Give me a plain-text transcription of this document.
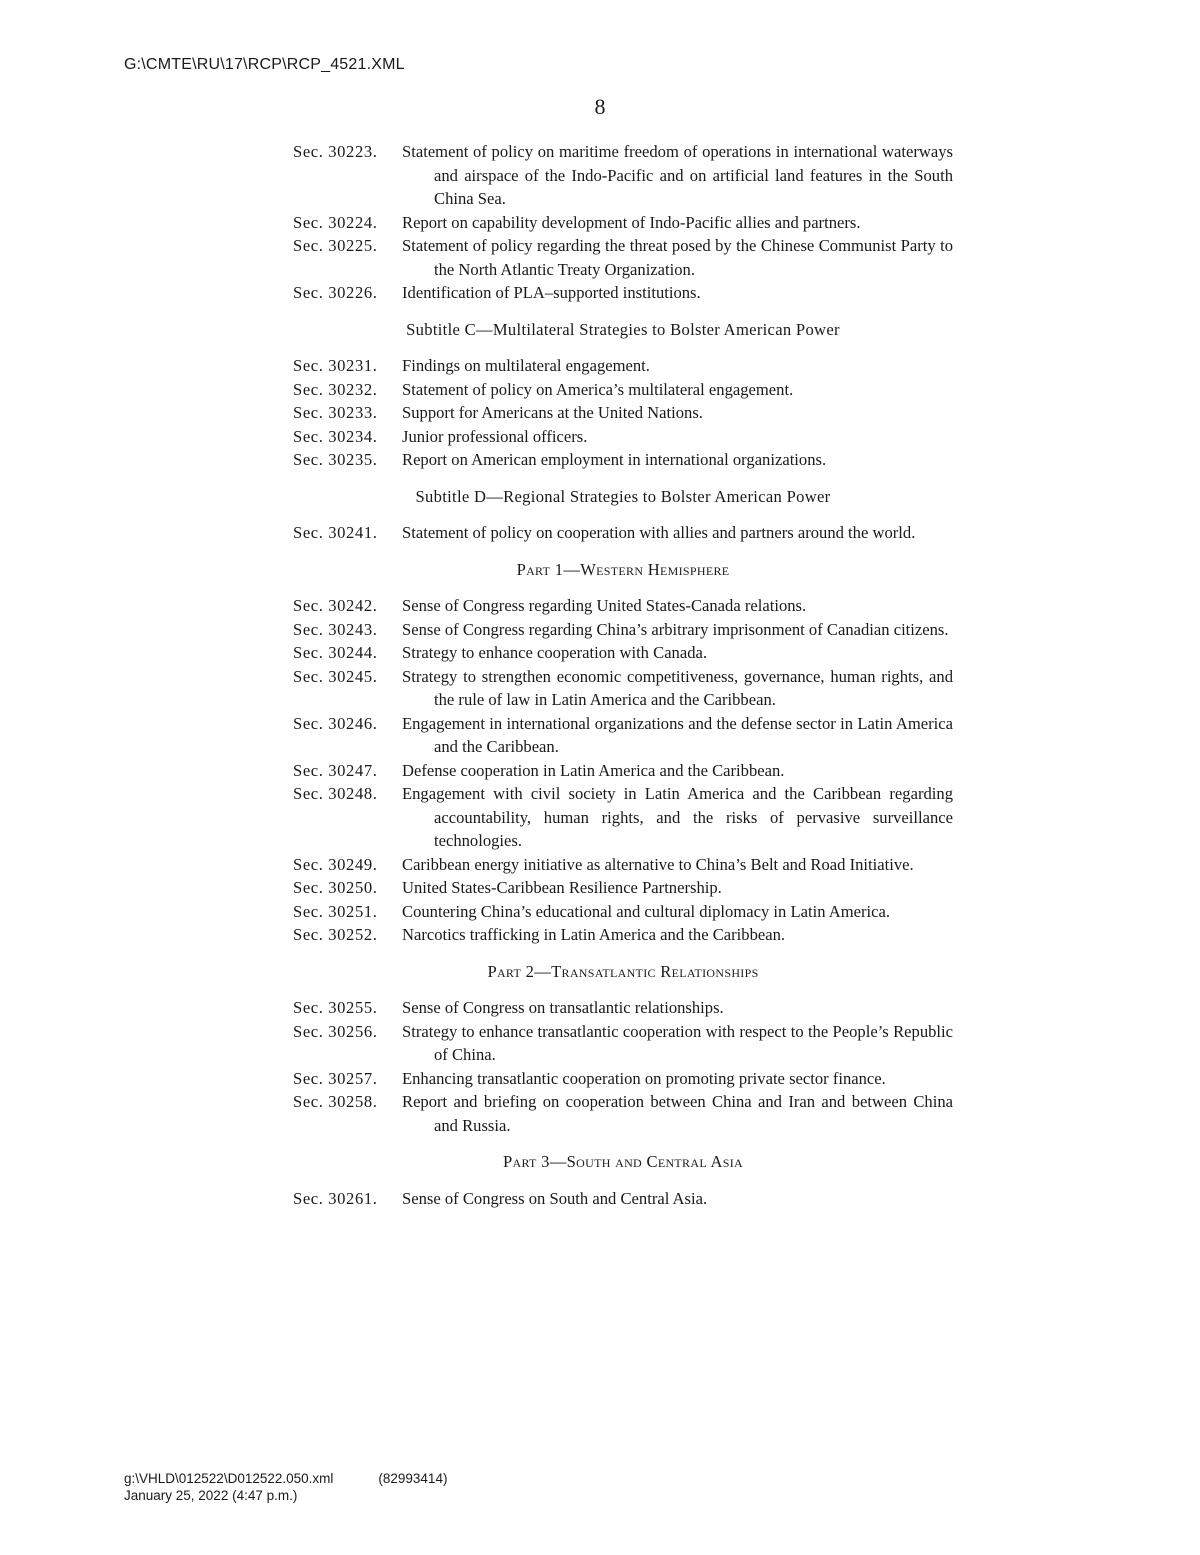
G:\CMTE\RU\17\RCP\RCP_4521.XML
8
Sec. 30223. Statement of policy on maritime freedom of operations in international waterways and airspace of the Indo-Pacific and on artificial land features in the South China Sea.
Sec. 30224. Report on capability development of Indo-Pacific allies and partners.
Sec. 30225. Statement of policy regarding the threat posed by the Chinese Communist Party to the North Atlantic Treaty Organization.
Sec. 30226. Identification of PLA–supported institutions.
Subtitle C—Multilateral Strategies to Bolster American Power
Sec. 30231. Findings on multilateral engagement.
Sec. 30232. Statement of policy on America’s multilateral engagement.
Sec. 30233. Support for Americans at the United Nations.
Sec. 30234. Junior professional officers.
Sec. 30235. Report on American employment in international organizations.
Subtitle D—Regional Strategies to Bolster American Power
Sec. 30241. Statement of policy on cooperation with allies and partners around the world.
Part 1—Western Hemisphere
Sec. 30242. Sense of Congress regarding United States-Canada relations.
Sec. 30243. Sense of Congress regarding China’s arbitrary imprisonment of Canadian citizens.
Sec. 30244. Strategy to enhance cooperation with Canada.
Sec. 30245. Strategy to strengthen economic competitiveness, governance, human rights, and the rule of law in Latin America and the Caribbean.
Sec. 30246. Engagement in international organizations and the defense sector in Latin America and the Caribbean.
Sec. 30247. Defense cooperation in Latin America and the Caribbean.
Sec. 30248. Engagement with civil society in Latin America and the Caribbean regarding accountability, human rights, and the risks of pervasive surveillance technologies.
Sec. 30249. Caribbean energy initiative as alternative to China’s Belt and Road Initiative.
Sec. 30250. United States-Caribbean Resilience Partnership.
Sec. 30251. Countering China’s educational and cultural diplomacy in Latin America.
Sec. 30252. Narcotics trafficking in Latin America and the Caribbean.
Part 2—Transatlantic Relationships
Sec. 30255. Sense of Congress on transatlantic relationships.
Sec. 30256. Strategy to enhance transatlantic cooperation with respect to the People’s Republic of China.
Sec. 30257. Enhancing transatlantic cooperation on promoting private sector finance.
Sec. 30258. Report and briefing on cooperation between China and Iran and between China and Russia.
Part 3—South and Central Asia
Sec. 30261. Sense of Congress on South and Central Asia.
g:\VHLD\012522\D012522.050.xml	(82993414)
January 25, 2022 (4:47 p.m.)
